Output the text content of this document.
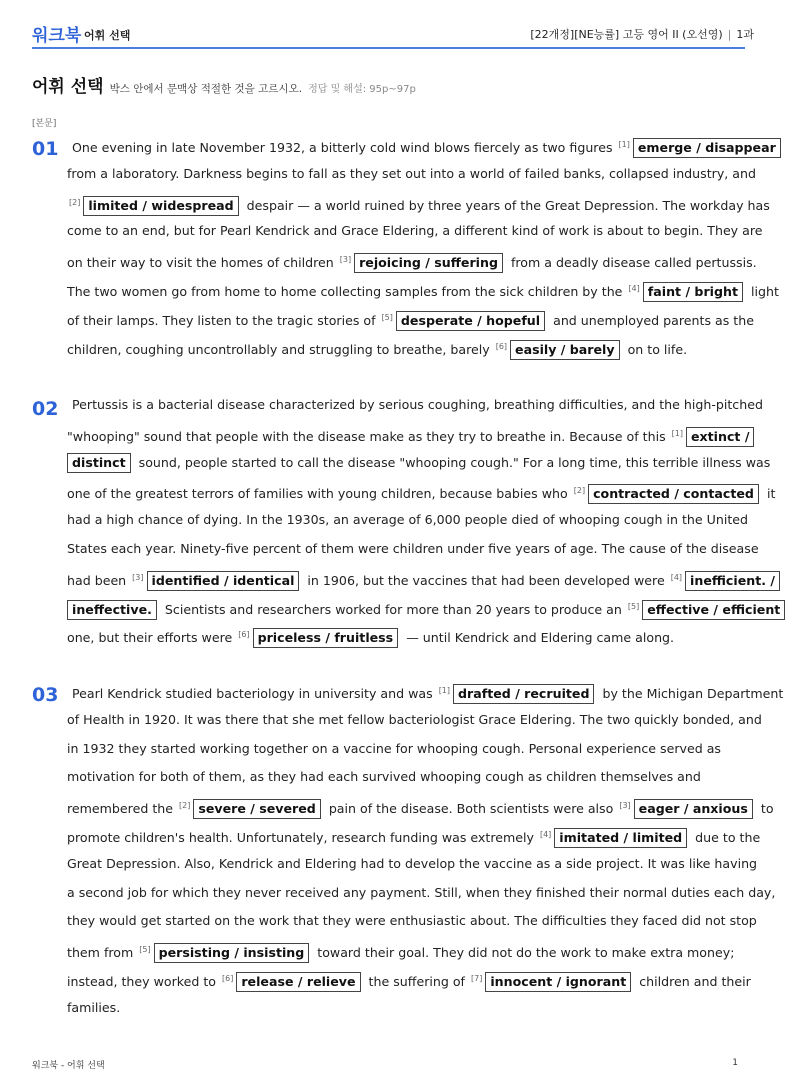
워크북 어휘 선택	[22개정][NE능률] 고등 영어 II (오선영) | 1과
어휘 선택 박스 안에서 문맥상 적절한 것을 고르시오. 정답 및 해설: 95p~97p
[본문]
01	One evening in late November 1932, a bitterly cold wind blows fiercely as two figures [1] emerge / disappear
from a laboratory. Darkness begins to fall as they set out into a world of failed banks, collapsed industry, and
[2] limited / widespread despair — a world ruined by three years of the Great Depression. The workday has
come to an end, but for Pearl Kendrick and Grace Eldering, a different kind of work is about to begin. They are
on their way to visit the homes of children [3] rejoicing / suffering from a deadly disease called pertussis.
The two women go from home to home collecting samples from the sick children by the [4] faint / bright light
of their lamps. They listen to the tragic stories of [5] desperate / hopeful and unemployed parents as the
children, coughing uncontrollably and struggling to breathe, barely [6] easily / barely on to life.
02	Pertussis is a bacterial disease characterized by serious coughing, breathing difficulties, and the high-pitched
"whooping" sound that people with the disease make as they try to breathe in. Because of this [1] extinct /
distinct sound, people started to call the disease "whooping cough." For a long time, this terrible illness was
one of the greatest terrors of families with young children, because babies who [2] contracted / contacted it
had a high chance of dying. In the 1930s, an average of 6,000 people died of whooping cough in the United
States each year. Ninety-five percent of them were children under five years of age. The cause of the disease
had been [3] identified / identical in 1906, but the vaccines that had been developed were [4] inefficient. /
ineffective. Scientists and researchers worked for more than 20 years to produce an [5] effective / efficient
one, but their efforts were [6] priceless / fruitless — until Kendrick and Eldering came along.
03	Pearl Kendrick studied bacteriology in university and was [1] drafted / recruited by the Michigan Department
of Health in 1920. It was there that she met fellow bacteriologist Grace Eldering. The two quickly bonded, and
in 1932 they started working together on a vaccine for whooping cough. Personal experience served as
motivation for both of them, as they had each survived whooping cough as children themselves and
remembered the [2] severe / severed pain of the disease. Both scientists were also [3] eager / anxious to
promote children's health. Unfortunately, research funding was extremely [4] imitated / limited due to the
Great Depression. Also, Kendrick and Eldering had to develop the vaccine as a side project. It was like having
a second job for which they never received any payment. Still, when they finished their normal duties each day,
they would get started on the work that they were enthusiastic about. The difficulties they faced did not stop
them from [5] persisting / insisting toward their goal. They did not do the work to make extra money;
instead, they worked to [6] release / relieve the suffering of [7] innocent / ignorant children and their
families.
워크북 - 어휘 선택	1
